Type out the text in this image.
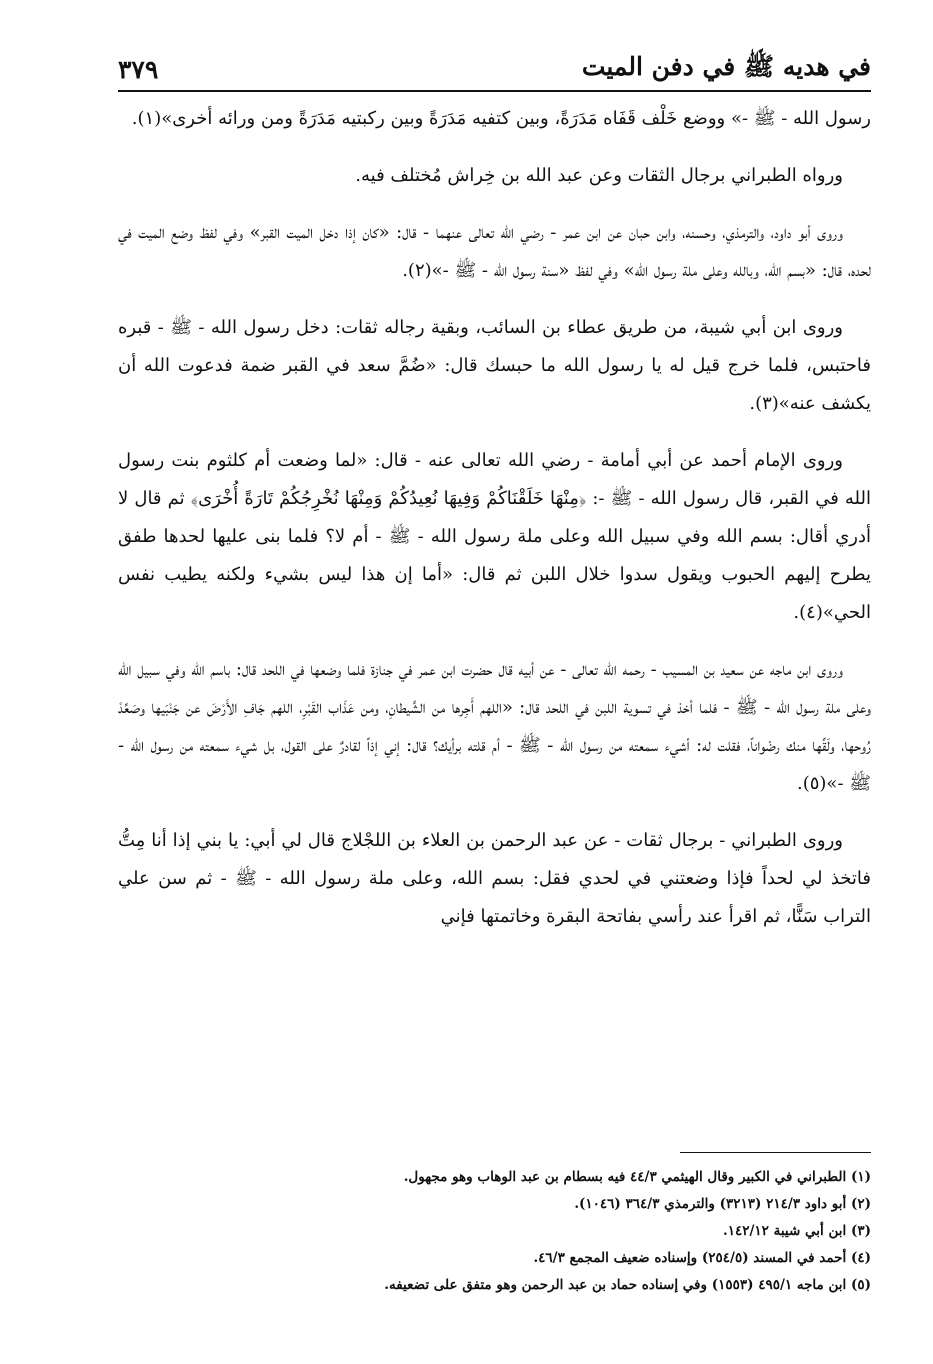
في هديه ﷺ في دفن الميت
٣٧٩

رسول الله - ﷺ -» ووضع خَلْف قَفَاه مَدَرَةً، وبين كتفيه مَدَرَةً وبين ركبتيه مَدَرَةً ومن ورائه أخرى»(١).

ورواه الطبراني برجال الثقات وعن عبد الله بن خِراش مُختلف فيه.

وروى أبو داود، والترمذي، وحسنه، وابن حبان عن ابن عمر - رضي الله تعالى عنهما - قال: «كان إذا دخل الميت القبر» وفي لفظ وضع الميت في لحده، قال: «بسم الله، وبالله وعلى ملة رسول الله» وفي لفظ «سنة رسول الله - ﷺ -»(٢).

وروى ابن أبي شيبة، من طريق عطاء بن السائب، وبقية رجاله ثقات: دخل رسول الله - ﷺ - قبره فاحتبس، فلما خرج قيل له يا رسول الله ما حبسك قال: «ضُمَّ سعد في القبر ضمة فدعوت الله أن يكشف عنه»(٣).

وروى الإمام أحمد عن أبي أمامة - رضي الله تعالى عنه - قال: «لما وضعت أم كلثوم بنت رسول الله في القبر، قال رسول الله - ﷺ -: ﴿مِنْهَا خَلَقْنَاكُمْ وَفِيهَا نُعِيدُكُمْ وَمِنْهَا نُخْرِجُكُمْ تَارَةً أُخْرَى﴾ ثم قال لا أدري أقال: بسم الله وفي سبيل الله وعلى ملة رسول الله - ﷺ - أم لا؟ فلما بنى عليها لحدها طفق يطرح إليهم الحبوب ويقول سدوا خلال اللبن ثم قال: «أما إن هذا ليس بشيء ولكنه يطيب نفس الحي»(٤).

وروى ابن ماجه عن سعيد بن المسيب - رحمه الله تعالى - عن أبيه قال حضرت ابن عمر في جنازة فلما وضعها في اللحد قال: باسم الله وفي سبيل الله وعلى ملة رسول الله - ﷺ - فلما أخذ في تسوية اللبن في اللحد قال: «اللهم أَجِرها من الشَّيطانِ، ومن عَذَاب القَبْرِ، اللهم جَافِ الأَرْضَ عن جَنْبَيها وصَعِّدْ رُوحها، ولَقِّها منك رضْواناً، فقلت له: أشيء سمعته من رسول الله - ﷺ - أم قلته برأيك؟ قال: إني إذاً لقادرٌ على القول، بل شيء سمعته من رسول الله - ﷺ -»(٥).

وروى الطبراني - برجال ثقات - عن عبد الرحمن بن العلاء بن اللجْلاج قال لي أبي: يا بني إذا أنا مِتُّ فاتخذ لي لحداً فإذا وضعتني في لحدي فقل: بسم الله، وعلى ملة رسول الله - ﷺ - ثم سن علي التراب سَنًّا، ثم اقرأ عند رأسي بفاتحة البقرة وخاتمتها فإني

(١) الطبراني في الكبير وقال الهيثمي ٤٤/٣ فيه بسطام بن عبد الوهاب وهو مجهول.

(٢) أبو داود ٢١٤/٣ (٣٢١٣) والترمذي ٣٦٤/٣ (١٠٤٦).

(٣) ابن أبي شيبة ١٤٢/١٢.

(٤) أحمد في المسند (٢٥٤/٥) وإسناده ضعيف المجمع ٤٦/٣.

(٥) ابن ماجه ٤٩٥/١ (١٥٥٣) وفي إسناده حماد بن عبد الرحمن وهو متفق على تضعيفه.
